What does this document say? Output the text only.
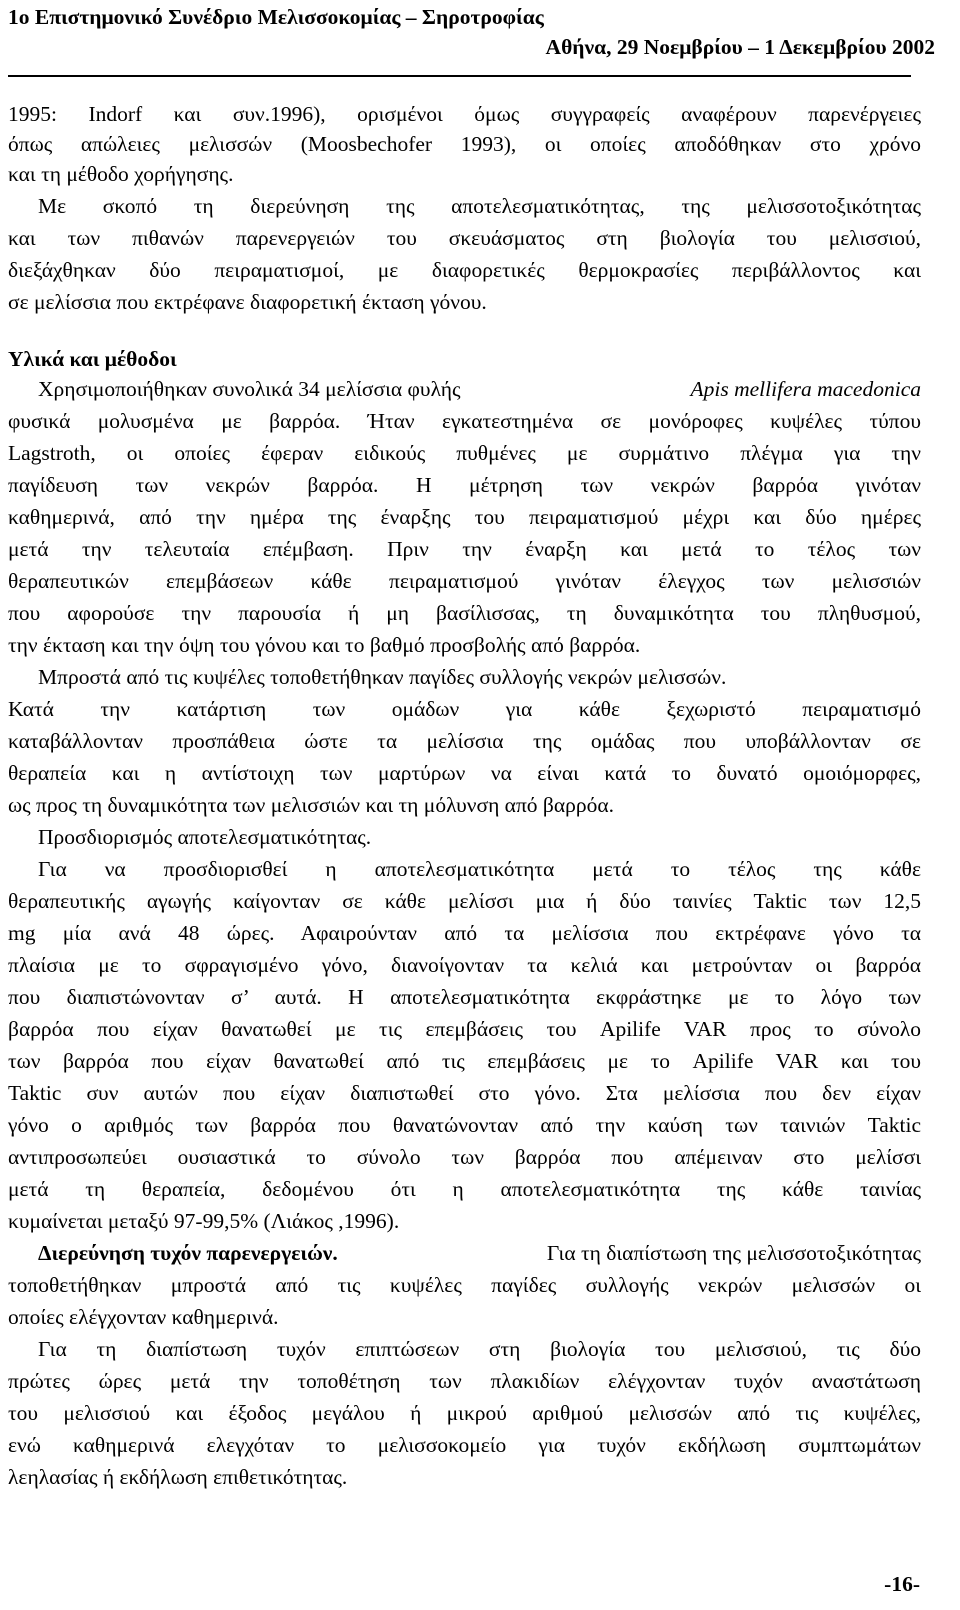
1ο Επιστημονικό Συνέδριο Μελισσοκομίας – Σηροτροφίας
Αθήνα, 29 Νοεμβρίου – 1 Δεκεμβρίου 2002
1995: Indorf και συν.1996), ορισμένοι όμως συγγραφείς αναφέρουν παρενέργειες
όπως απώλειες μελισσών (Moosbechofer 1993), οι οποίες αποδόθηκαν στο χρόνο
και τη μέθοδο χορήγησης.
Με σκοπό τη διερεύνηση της αποτελεσματικότητας, της μελισσοτοξικότητας
και των πιθανών παρενεργειών του σκευάσματος στη βιολογία του μελισσιού,
διεξάχθηκαν δύο πειραματισμοί, με διαφορετικές θερμοκρασίες περιβάλλοντος και
σε μελίσσια που εκτρέφανε διαφορετική έκταση γόνου.
Υλικά και μέθοδοι
Χρησιμοποιήθηκαν συνολικά 34 μελίσσια φυλής	Apis mellifera macedonica
φυσικά μολυσμένα με βαρρόα. Ήταν εγκατεστημένα σε μονόροφες κυψέλες τύπου
Lagstroth, οι οποίες έφεραν ειδικούς πυθμένες με συρμάτινο πλέγμα για την
παγίδευση των νεκρών βαρρόα. Η μέτρηση των νεκρών βαρρόα γινόταν
καθημερινά, από την ημέρα της έναρξης του πειραματισμού μέχρι και δύο ημέρες
μετά την τελευταία επέμβαση. Πριν την έναρξη και μετά το τέλος των
θεραπευτικών επεμβάσεων κάθε πειραματισμού γινόταν έλεγχος των μελισσιών
που αφορούσε την παρουσία ή μη βασίλισσας, τη δυναμικότητα του πληθυσμού,
την έκταση και την όψη του γόνου και το βαθμό προσβολής από βαρρόα.
Μπροστά από τις κυψέλες τοποθετήθηκαν παγίδες συλλογής νεκρών μελισσών.
Κατά την κατάρτιση των ομάδων για κάθε ξεχωριστό πειραματισμό
καταβάλλονταν προσπάθεια ώστε τα μελίσσια της ομάδας που υποβάλλονταν σε
θεραπεία και η αντίστοιχη των μαρτύρων να είναι κατά το δυνατό ομοιόμορφες,
ως προς τη δυναμικότητα των μελισσιών και τη μόλυνση από βαρρόα.
Προσδιορισμός αποτελεσματικότητας.
Για να προσδιορισθεί η αποτελεσματικότητα μετά το τέλος της κάθε
θεραπευτικής αγωγής καίγονταν σε κάθε μελίσσι μια ή δύο ταινίες Taktic των 12,5
mg μία ανά 48 ώρες. Αφαιρούνταν από τα μελίσσια που εκτρέφανε γόνο τα
πλαίσια με το σφραγισμένο γόνο, διανοίγονταν τα κελιά και μετρούνταν οι βαρρόα
που διαπιστώνονταν σ’ αυτά. Η αποτελεσματικότητα εκφράστηκε με το λόγο των
βαρρόα που είχαν θανατωθεί με τις επεμβάσεις του Apilife VAR προς το σύνολο
των βαρρόα που είχαν θανατωθεί από τις επεμβάσεις με το Apilife VAR και του
Taktic συν αυτών που είχαν διαπιστωθεί στο γόνο. Στα μελίσσια που δεν είχαν
γόνο ο αριθμός των βαρρόα που θανατώνονταν από την καύση των ταινιών Taktic
αντιπροσωπεύει ουσιαστικά το σύνολο των βαρρόα που απέμειναν στο μελίσσι
μετά τη θεραπεία, δεδομένου ότι η αποτελεσματικότητα της κάθε ταινίας
κυμαίνεται μεταξύ 97-99,5% (Λιάκος ,1996).
Διερεύνηση τυχόν παρενεργειών.	Για τη διαπίστωση της μελισσοτοξικότητας
τοποθετήθηκαν μπροστά από τις κυψέλες παγίδες συλλογής νεκρών μελισσών οι
οποίες ελέγχονταν καθημερινά.
Για τη διαπίστωση τυχόν επιπτώσεων στη βιολογία του μελισσιού, τις δύο
πρώτες ώρες μετά την τοποθέτηση των πλακιδίων ελέγχονταν τυχόν αναστάτωση
του μελισσιού και έξοδος μεγάλου ή μικρού αριθμού μελισσών από τις κυψέλες,
ενώ καθημερινά ελεγχόταν το μελισσοκομείο για τυχόν εκδήλωση συμπτωμάτων
λεηλασίας ή εκδήλωση επιθετικότητας.
-16-
